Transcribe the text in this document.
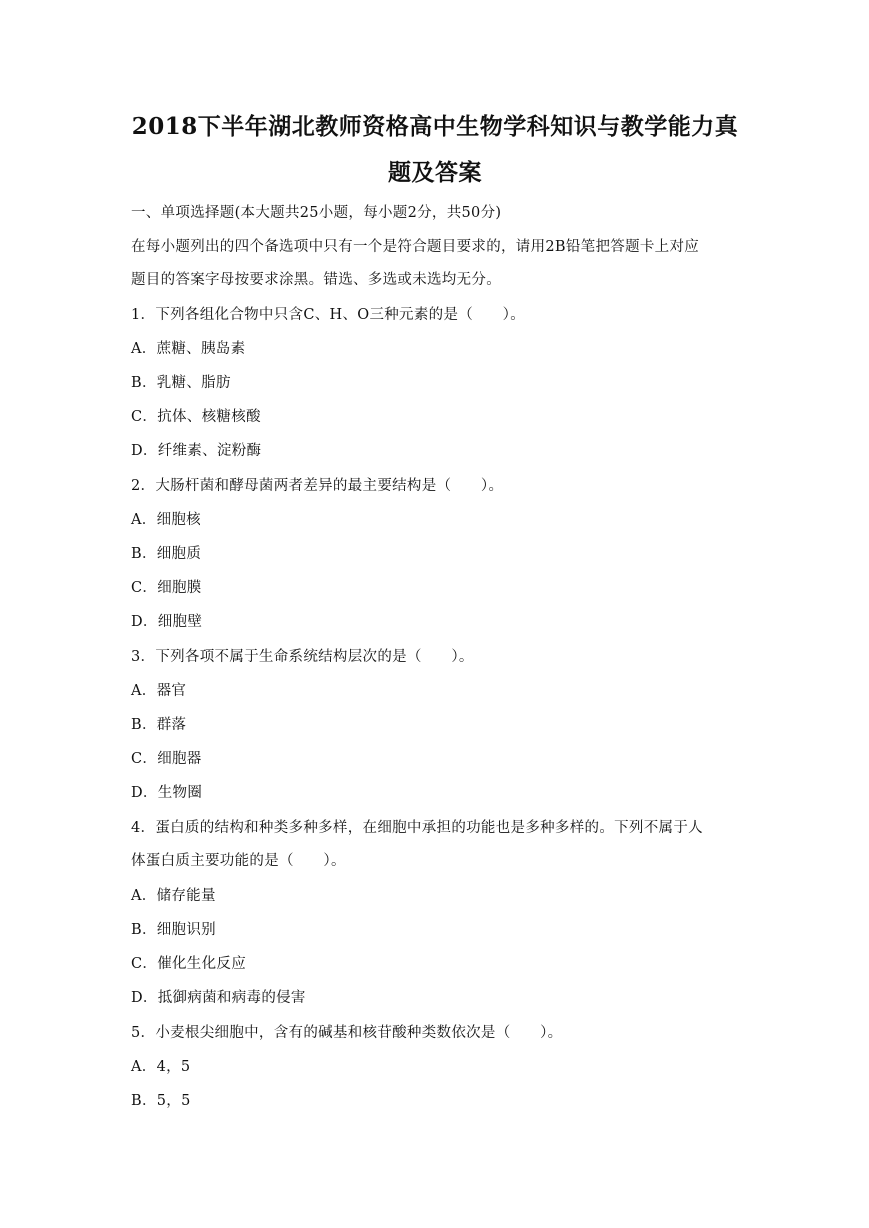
2018下半年湖北教师资格高中生物学科知识与教学能力真
题及答案
一、单项选择题(本大题共25小题，每小题2分，共50分)
在每小题列出的四个备选项中只有一个是符合题目要求的，请用2B铅笔把答题卡上对应
题目的答案字母按要求涂黑。错选、多选或未选均无分。
1．下列各组化合物中只含C、H、O三种元素的是（　　）。
A．蔗糖、胰岛素
B．乳糖、脂肪
C．抗体、核糖核酸
D．纤维素、淀粉酶
2．大肠杆菌和酵母菌两者差异的最主要结构是（　　）。
A．细胞核
B．细胞质
C．细胞膜
D．细胞壁
3．下列各项不属于生命系统结构层次的是（　　）。
A．器官
B．群落
C．细胞器
D．生物圈
4．蛋白质的结构和种类多种多样，在细胞中承担的功能也是多种多样的。下列不属于人
体蛋白质主要功能的是（　　）。
A．储存能量
B．细胞识别
C．催化生化反应
D．抵御病菌和病毒的侵害
5．小麦根尖细胞中，含有的碱基和核苷酸种类数依次是（　　）。
A．4，5
B．5，5
